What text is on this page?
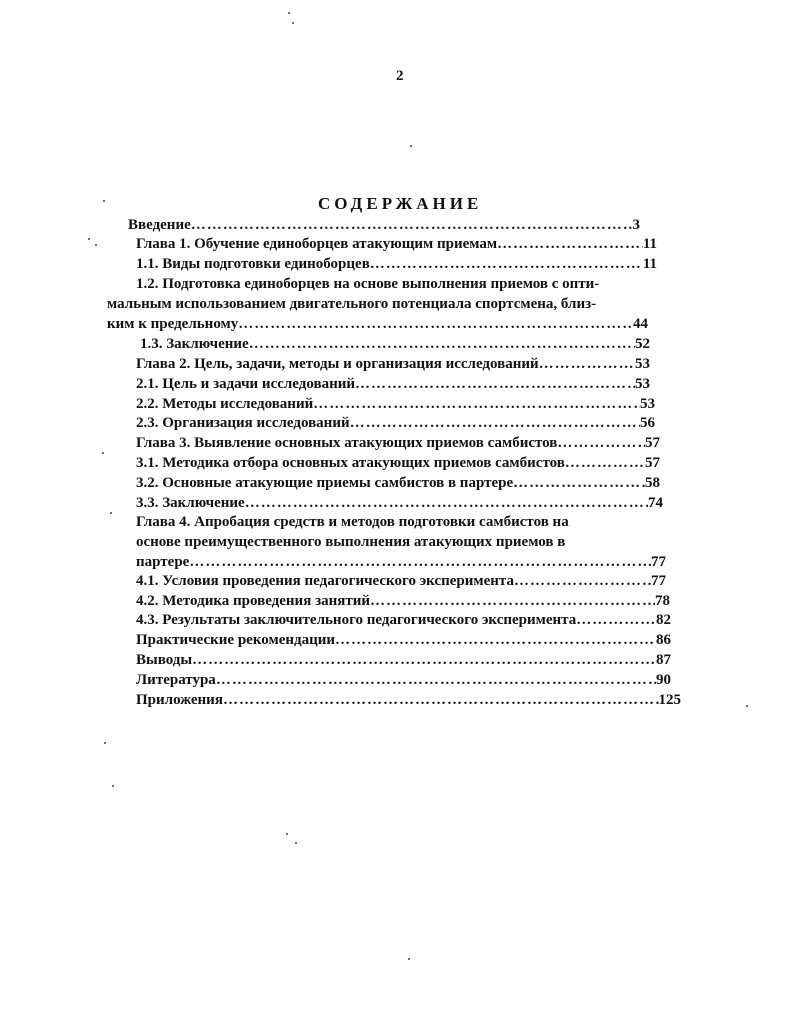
2
СОДЕРЖАНИЕ
Введение ……………………………………………………………………………………………………………………………………………………………………	3
Глава 1. Обучение единоборцев атакующим приемам ……………………………………………………………………………………………………………………………………………………………………	11
1.1. Виды подготовки единоборцев ……………………………………………………………………………………………………………………………………………………………………	11
1.2. Подготовка единоборцев на основе выполнения приемов с опти-
мальным использованием двигательного потенциала спортсмена, близ-
ким к предельному ……………………………………………………………………………………………………………………………………………………………………	44
1.3. Заключение ……………………………………………………………………………………………………………………………………………………………………	52
Глава 2. Цель, задачи, методы и организация исследований ……………………………………………………………………………………………………………………………………………………………………	53
2.1. Цель и задачи исследований ……………………………………………………………………………………………………………………………………………………………………	53
2.2. Методы исследований ……………………………………………………………………………………………………………………………………………………………………	53
2.3. Организация исследований ……………………………………………………………………………………………………………………………………………………………………	56
Глава 3. Выявление основных атакующих приемов самбистов ……………………………………………………………………………………………………………………………………………………………………	57
3.1. Методика отбора основных атакующих приемов самбистов ……………………………………………………………………………………………………………………………………………………………………	57
3.2. Основные атакующие приемы самбистов в партере ……………………………………………………………………………………………………………………………………………………………………	58
3.3. Заключение ……………………………………………………………………………………………………………………………………………………………………	74
Глава 4. Апробация средств и методов подготовки самбистов на
основе преимущественного выполнения атакующих приемов в
партере ……………………………………………………………………………………………………………………………………………………………………	77
4.1. Условия проведения педагогического эксперимента ……………………………………………………………………………………………………………………………………………………………………	77
4.2. Методика проведения занятий ……………………………………………………………………………………………………………………………………………………………………	78
4.3. Результаты заключительного педагогического эксперимента ……………………………………………………………………………………………………………………………………………………………………	82
Практические рекомендации ……………………………………………………………………………………………………………………………………………………………………	86
Выводы ……………………………………………………………………………………………………………………………………………………………………	87
Литература ……………………………………………………………………………………………………………………………………………………………………	90
Приложения ……………………………………………………………………………………………………………………………………………………………………	125
